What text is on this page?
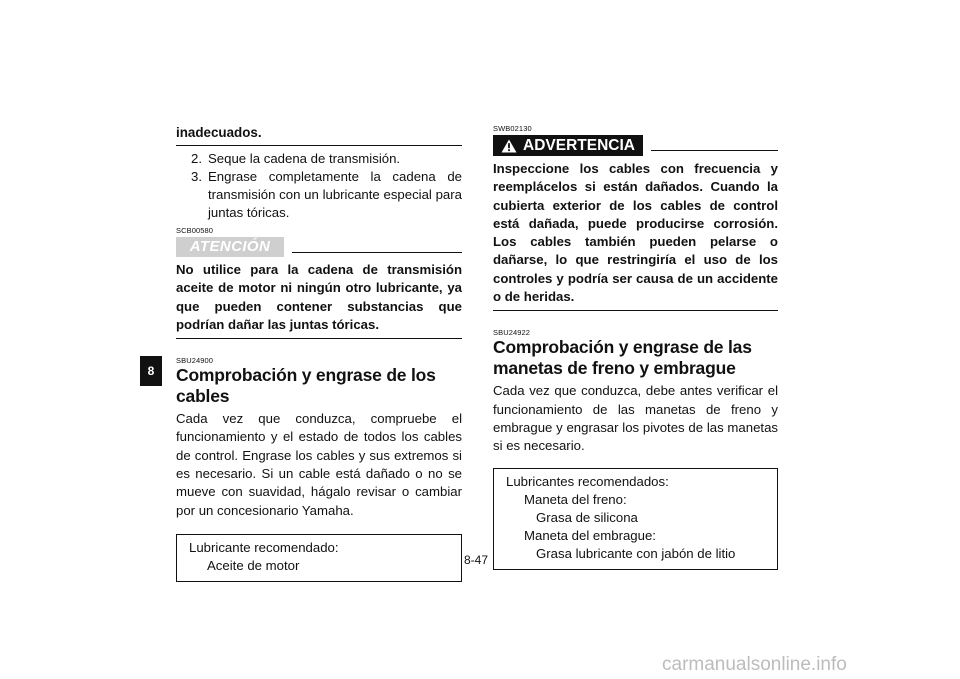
8

inadecuados.

2. Seque la cadena de transmisión.
3. Engrase completamente la cadena de transmisión con un lubricante especial para juntas tóricas.
SCB00580
ATENCIÓN

No utilice para la cadena de transmisión aceite de motor ni ningún otro lubricante, ya que pueden contener substancias que podrían dañar las juntas tóricas.

SBU24900
Comprobación y engrase de los cables

Cada vez que conduzca, compruebe el funcionamiento y el estado de todos los cables de control. Engrase los cables y sus extremos si es necesario. Si un cable está dañado o no se mueve con suavidad, hágalo revisar o cambiar por un concesionario Yamaha.

Lubricante recomendado:
Aceite de motor
SWB02130
ADVERTENCIA

Inspeccione los cables con frecuencia y reemplácelos si están dañados. Cuando la cubierta exterior de los cables de control está dañada, puede producirse corrosión. Los cables también pueden pelarse o dañarse, lo que restringiría el uso de los controles y podría ser causa de un accidente o de heridas.

SBU24922
Comprobación y engrase de las manetas de freno y embrague

Cada vez que conduzca, debe antes verificar el funcionamiento de las manetas de freno y embrague y engrasar los pivotes de las manetas si es necesario.

Lubricantes recomendados:
Maneta del freno:
Grasa de silicona
Maneta del embrague:
Grasa lubricante con jabón de litio
8-47
carmanualsonline.info
